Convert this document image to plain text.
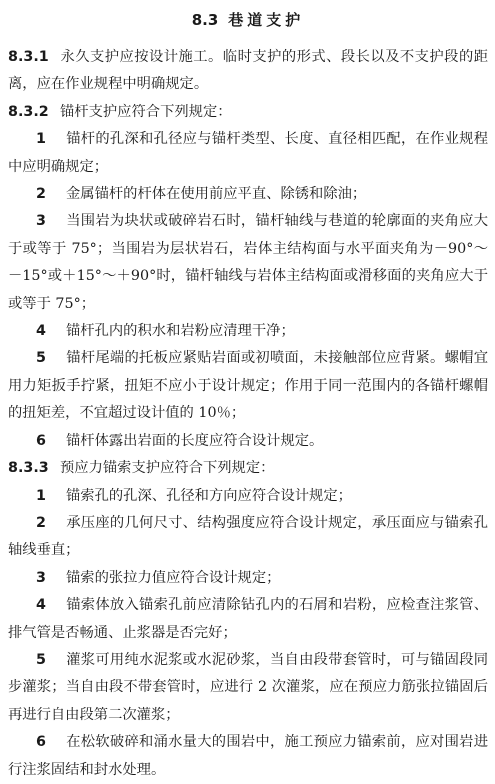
8.3 巷道支护

8.3.1 永久支护应按设计施工。临时支护的形式、段长以及不支护段的距离，应在作业规程中明确规定。

8.3.2 锚杆支护应符合下列规定：

1 锚杆的孔深和孔径应与锚杆类型、长度、直径相匹配，在作业规程中应明确规定；

2 金属锚杆的杆体在使用前应平直、除锈和除油；

3 当围岩为块状或破碎岩石时，锚杆轴线与巷道的轮廓面的夹角应大于或等于 75°；当围岩为层状岩石，岩体主结构面与水平面夹角为－90°～－15°或＋15°～＋90°时，锚杆轴线与岩体主结构面或滑移面的夹角应大于或等于 75°；

4 锚杆孔内的积水和岩粉应清理干净；

5 锚杆尾端的托板应紧贴岩面或初喷面，未接触部位应背紧。螺帽宜用力矩扳手拧紧，扭矩不应小于设计规定；作用于同一范围内的各锚杆螺帽的扭矩差，不宜超过设计值的 10％；

6 锚杆体露出岩面的长度应符合设计规定。

8.3.3 预应力锚索支护应符合下列规定：

1 锚索孔的孔深、孔径和方向应符合设计规定；

2 承压座的几何尺寸、结构强度应符合设计规定，承压面应与锚索孔轴线垂直；

3 锚索的张拉力值应符合设计规定；

4 锚索体放入锚索孔前应清除钻孔内的石屑和岩粉，应检查注浆管、排气管是否畅通、止浆器是否完好；

5 灌浆可用纯水泥浆或水泥砂浆，当自由段带套管时，可与锚固段同步灌浆；当自由段不带套管时，应进行 2 次灌浆，应在预应力筋张拉锚固后再进行自由段第二次灌浆；

6 在松软破碎和涌水量大的围岩中，施工预应力锚索前，应对围岩进行注浆固结和封水处理。
